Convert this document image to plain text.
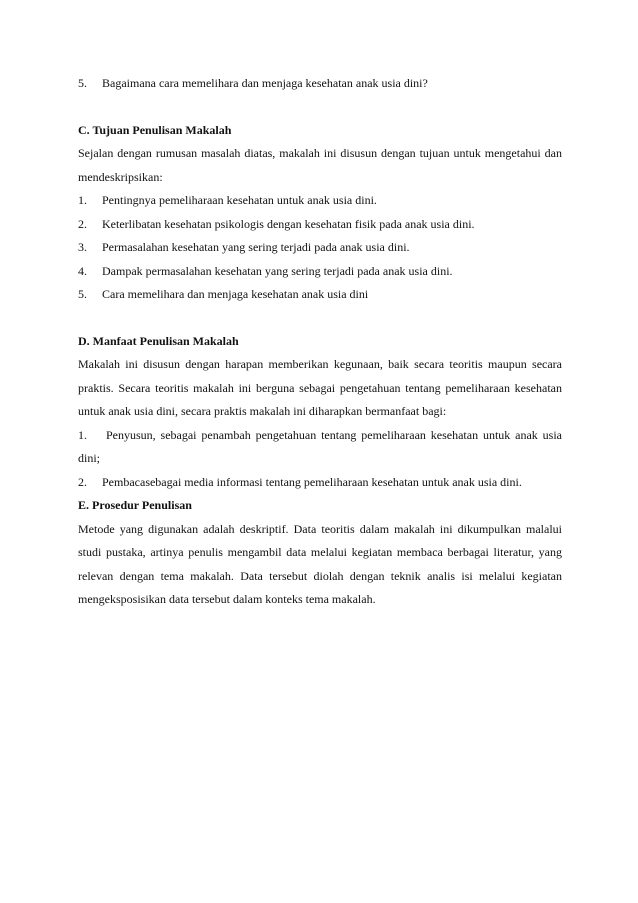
5.	Bagaimana cara memelihara dan menjaga kesehatan anak usia dini?
C. Tujuan Penulisan Makalah
Sejalan dengan rumusan masalah diatas, makalah ini disusun dengan tujuan untuk mengetahui dan mendeskripsikan:
1.	Pentingnya pemeliharaan kesehatan untuk anak usia dini.
2.	Keterlibatan kesehatan psikologis dengan kesehatan fisik pada anak usia dini.
3.	Permasalahan kesehatan yang sering terjadi pada anak usia dini.
4.	Dampak permasalahan kesehatan yang sering terjadi pada anak usia dini.
5.	Cara memelihara dan menjaga kesehatan anak usia dini
D. Manfaat Penulisan Makalah
Makalah ini disusun dengan harapan memberikan kegunaan, baik secara teoritis maupun secara praktis. Secara teoritis makalah ini berguna sebagai pengetahuan tentang pemeliharaan kesehatan untuk anak usia dini, secara praktis makalah ini diharapkan bermanfaat bagi:
1. Penyusun, sebagai penambah pengetahuan tentang pemeliharaan kesehatan untuk anak usia dini;
2.	Pembacasebagai media informasi tentang pemeliharaan kesehatan untuk anak usia dini.
E. Prosedur Penulisan
Metode yang digunakan adalah deskriptif. Data teoritis dalam makalah ini dikumpulkan malalui studi pustaka, artinya penulis mengambil data melalui kegiatan membaca berbagai literatur, yang relevan dengan tema makalah. Data tersebut diolah dengan teknik analis isi melalui kegiatan mengeksposisikan data tersebut dalam konteks tema makalah.
